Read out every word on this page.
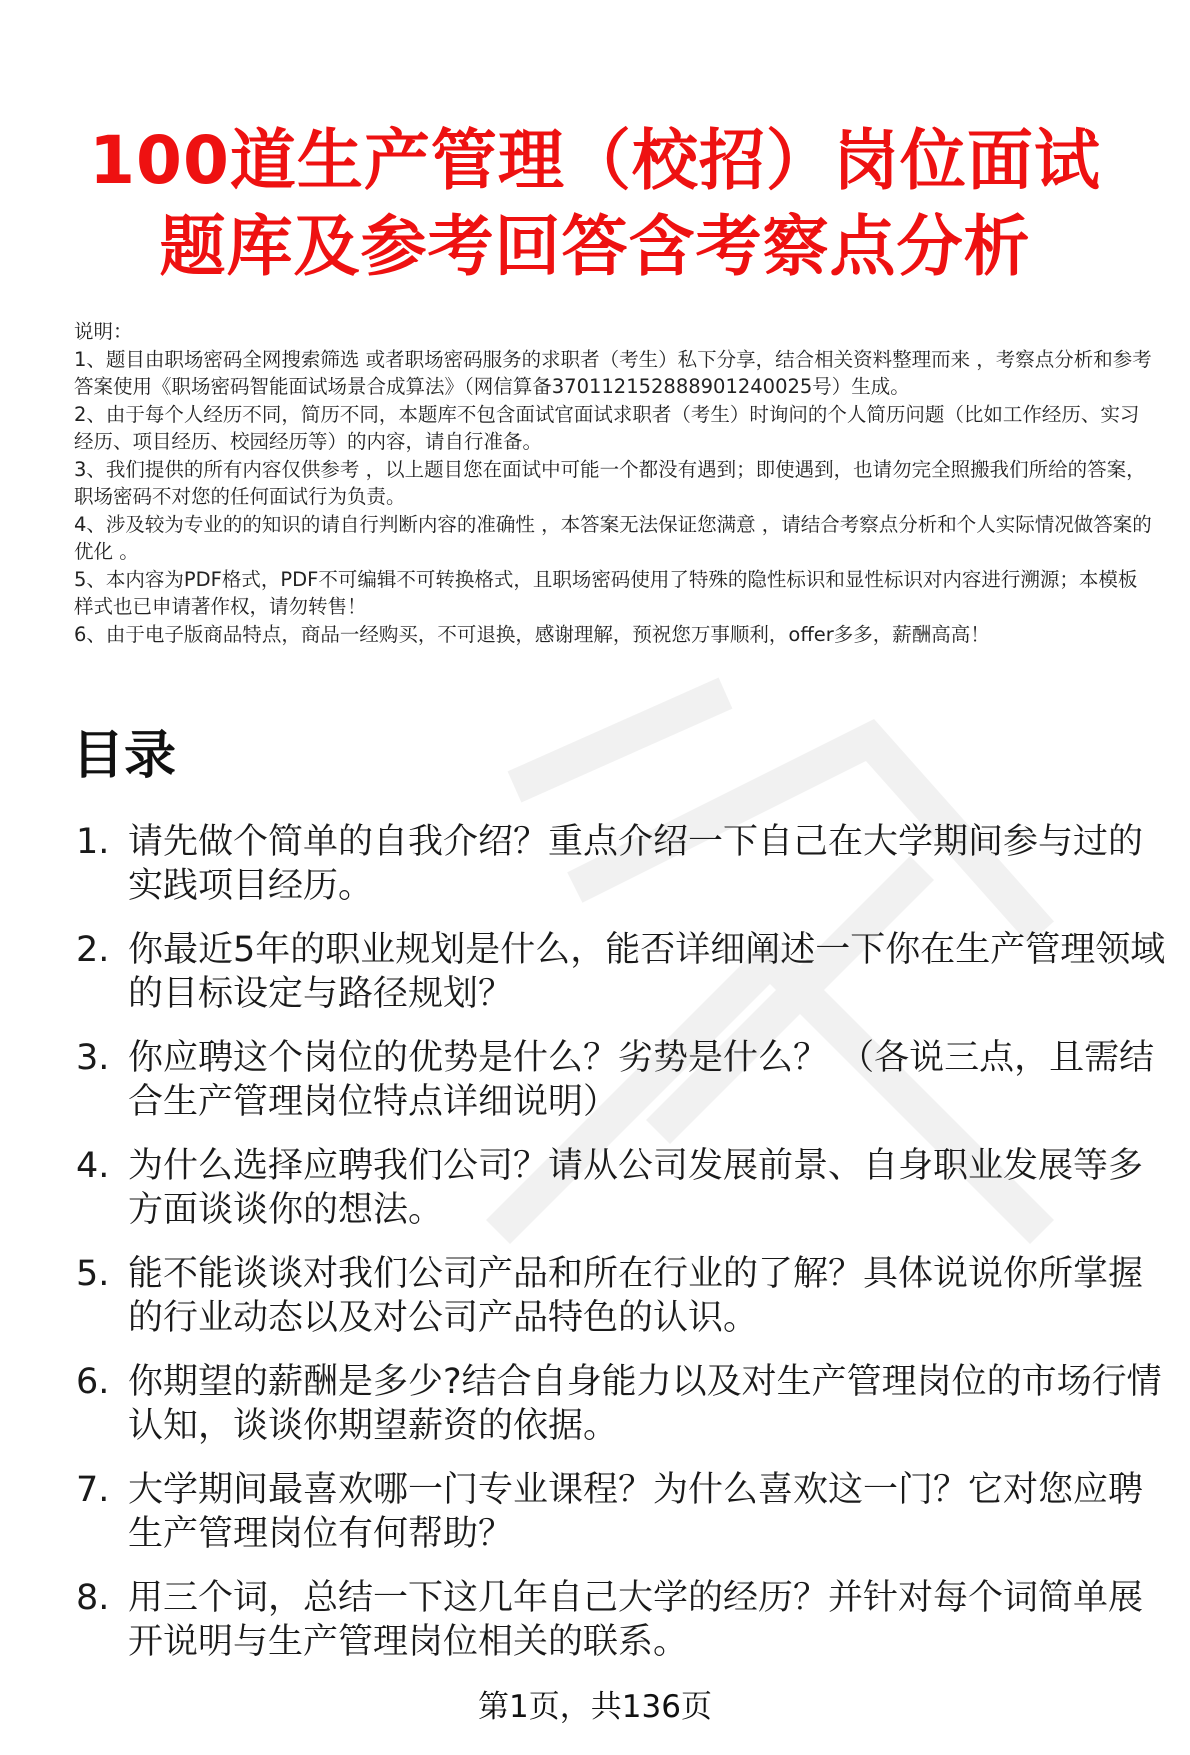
100道生产管理（校招）岗位面试题库及参考回答含考察点分析

说明：

1、题目由职场密码全网搜索筛选 或者职场密码服务的求职者（考生）私下分享，结合相关资料整理而来 ，考察点分析和参考答案使用《职场密码智能面试场景合成算法》（网信算备370112152888901240025号）生成。

2、由于每个人经历不同，简历不同，本题库不包含面试官面试求职者（考生）时询问的个人简历问题（比如工作经历、实习经历、项目经历、校园经历等）的内容，请自行准备。

3、我们提供的所有内容仅供参考 ，以上题目您在面试中可能一个都没有遇到；即使遇到，也请勿完全照搬我们所给的答案，职场密码不对您的任何面试行为负责。

4、涉及较为专业的的知识的请自行判断内容的准确性 ，本答案无法保证您满意 ，请结合考察点分析和个人实际情况做答案的优化 。

5、本内容为PDF格式，PDF不可编辑不可转换格式，且职场密码使用了特殊的隐性标识和显性标识对内容进行溯源；本模板样式也已申请著作权，请勿转售！

6、由于电子版商品特点，商品一经购买，不可退换，感谢理解，预祝您万事顺利，offer多多，薪酬高高！

目录
1. 请先做个简单的自我介绍？重点介绍一下自己在大学期间参与过的实践项目经历。
2. 你最近5年的职业规划是什么，能否详细阐述一下你在生产管理领域的目标设定与路径规划？
3. 你应聘这个岗位的优势是什么？劣势是什么？ （各说三点，且需结合生产管理岗位特点详细说明）
4. 为什么选择应聘我们公司？请从公司发展前景、自身职业发展等多方面谈谈你的想法。
5. 能不能谈谈对我们公司产品和所在行业的了解？具体说说你所掌握的行业动态以及对公司产品特色的认识。
6. 你期望的薪酬是多少?结合自身能力以及对生产管理岗位的市场行情认知，谈谈你期望薪资的依据。
7. 大学期间最喜欢哪一门专业课程？为什么喜欢这一门？它对您应聘生产管理岗位有何帮助？
8. 用三个词，总结一下这几年自己大学的经历？并针对每个词简单展开说明与生产管理岗位相关的联系。
第1页，共136页
